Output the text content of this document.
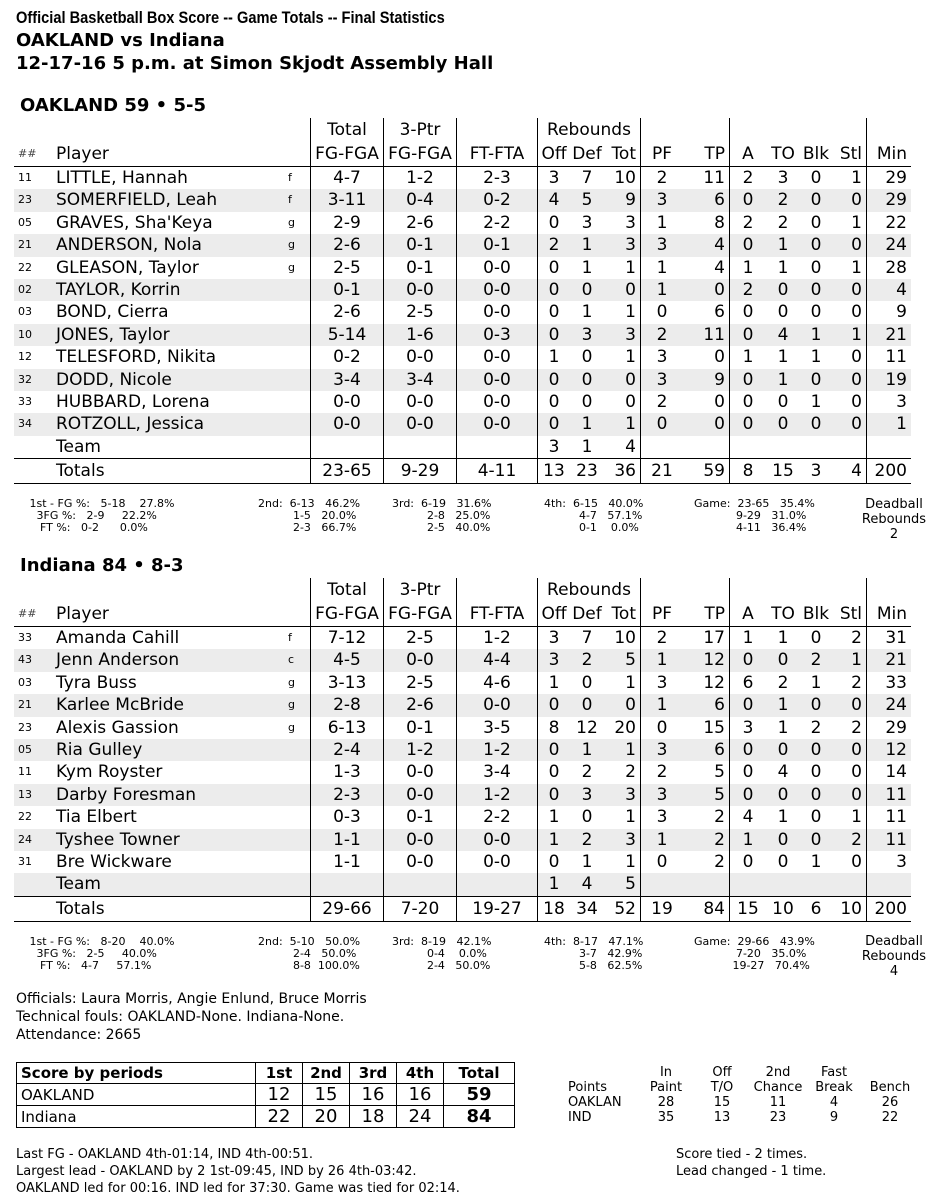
Official Basketball Box Score -- Game Totals -- Final Statistics
OAKLAND vs Indiana
12-17-16 5 p.m. at Simon Skjodt Assembly Hall
OAKLAND 59 • 5-5
			Total	3-Ptr		Rebounds									
##	Player		FG-FGA	FG-FGA	FT-FTA	Off	Def	Tot	PF	TP	A	TO	Blk	Stl	Min
11	LITTLE, Hannah	f	4-7	1-2	2-3	3	7	10	2	11	2	3	0	1	29
23	SOMERFIELD, Leah	f	3-11	0-4	0-2	4	5	9	3	6	0	2	0	0	29
05	GRAVES, Sha'Keya	g	2-9	2-6	2-2	0	3	3	1	8	2	2	0	1	22
21	ANDERSON, Nola	g	2-6	0-1	0-1	2	1	3	3	4	0	1	0	0	24
22	GLEASON, Taylor	g	2-5	0-1	0-0	0	1	1	1	4	1	1	0	1	28
02	TAYLOR, Korrin		0-1	0-0	0-0	0	0	0	1	0	2	0	0	0	4
03	BOND, Cierra		2-6	2-5	0-0	0	1	1	0	6	0	0	0	0	9
10	JONES, Taylor		5-14	1-6	0-3	0	3	3	2	11	0	4	1	1	21
12	TELESFORD, Nikita		0-2	0-0	0-0	1	0	1	3	0	1	1	1	0	11
32	DODD, Nicole		3-4	3-4	0-0	0	0	0	3	9	0	1	0	0	19
33	HUBBARD, Lorena		0-0	0-0	0-0	0	0	0	2	0	0	0	1	0	3
34	ROTZOLL, Jessica		0-0	0-0	0-0	0	1	1	0	0	0	0	0	0	1
	Team					3	1	4							
	Totals		23-65	9-29	4-11	13	23	36	21	59	8	15	3	4	200
1st - FG %:   5-18    27.8%
3FG %:   2-9     22.2%
FT %:   0-2      0.0%
2nd:  6-13   46.2%
1-5   20.0%
2-3   66.7%
3rd:  6-19   31.6%
2-8   25.0%
2-5   40.0%
4th:  6-15   40.0%
4-7   57.1%
0-1    0.0%
Game:  23-65   35.4%
9-29   31.0%
4-11   36.4%
Deadball
Rebounds
2
Indiana 84 • 8-3
			Total	3-Ptr		Rebounds									
##	Player		FG-FGA	FG-FGA	FT-FTA	Off	Def	Tot	PF	TP	A	TO	Blk	Stl	Min
33	Amanda Cahill	f	7-12	2-5	1-2	3	7	10	2	17	1	1	0	2	31
43	Jenn Anderson	c	4-5	0-0	4-4	3	2	5	1	12	0	0	2	1	21
03	Tyra Buss	g	3-13	2-5	4-6	1	0	1	3	12	6	2	1	2	33
21	Karlee McBride	g	2-8	2-6	0-0	0	0	0	1	6	0	1	0	0	24
23	Alexis Gassion	g	6-13	0-1	3-5	8	12	20	0	15	3	1	2	2	29
05	Ria Gulley		2-4	1-2	1-2	0	1	1	3	6	0	0	0	0	12
11	Kym Royster		1-3	0-0	3-4	0	2	2	2	5	0	4	0	0	14
13	Darby Foresman		2-3	0-0	1-2	0	3	3	3	5	0	0	0	0	11
22	Tia Elbert		0-3	0-1	2-2	1	0	1	3	2	4	1	0	1	11
24	Tyshee Towner		1-1	0-0	0-0	1	2	3	1	2	1	0	0	2	11
31	Bre Wickware		1-1	0-0	0-0	0	1	1	0	2	0	0	1	0	3
	Team					1	4	5							
	Totals		29-66	7-20	19-27	18	34	52	19	84	15	10	6	10	200
1st - FG %:   8-20    40.0%
3FG %:   2-5     40.0%
FT %:   4-7     57.1%
2nd:  5-10   50.0%
2-4   50.0%
8-8  100.0%
3rd:  8-19   42.1%
0-4    0.0%
2-4   50.0%
4th:  8-17   47.1%
3-7   42.9%
5-8   62.5%
Game:  29-66   43.9%
7-20   35.0%
19-27   70.4%
Deadball
Rebounds
4
Officials: Laura Morris, Angie Enlund, Bruce Morris
Technical fouls: OAKLAND-None. Indiana-None.
Attendance: 2665
Score by periods	1st	2nd	3rd	4th	Total
OAKLAND	12	15	16	16	59
Indiana	22	20	18	24	84
	In	Off	2nd	Fast	
Points	Paint	T/O	Chance	Break	Bench
OAKLAN	28	15	11	4	26
IND	35	13	23	9	22
Last FG - OAKLAND 4th-01:14, IND 4th-00:51.
Largest lead - OAKLAND by 2 1st-09:45, IND by 26 4th-03:42.
OAKLAND led for 00:16. IND led for 37:30. Game was tied for 02:14.
Score tied - 2 times.
Lead changed - 1 time.
